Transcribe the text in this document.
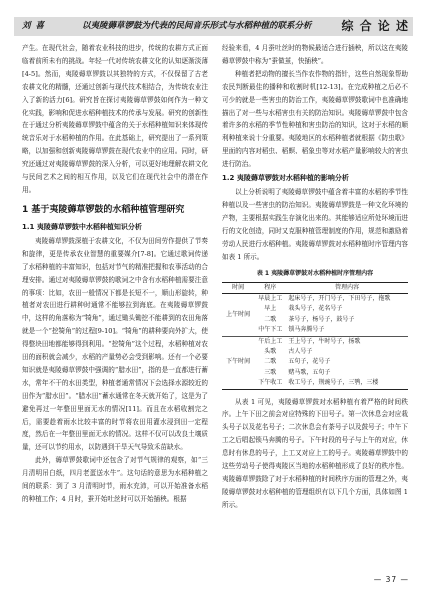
刘 喜	以夷陵薅草锣鼓为代表的民间音乐形式与水稻种植的联系分析 综 合 论 述

产生。在现代社会，随着农业科技的进步，传统的农耕方式正面临着前所未有的挑战。年轻一代对传统农耕文化的认知逐渐淡薄[4-5]。然而，夷陵薅草锣鼓以其独特的方式，不仅保留了古老农耕文化的精髓，还通过创新与现代技术相结合，为传统农业注入了新的活力[6]。研究旨在探讨夷陵薅草锣鼓如何作为一种文化实践，影响和促进水稻种植技术的传承与发展。研究的创新性在于通过分析夷陵薅草锣鼓中蕴含的关于水稻种植知识来体现传统音乐对于水稻种植的作用。在此基础上，研究提出了一系列策略，以加强和创新夷陵薅草锣鼓在现代农业中的应用。同时，研究还通过对夷陵薅草锣鼓的深入分析，可以更好地理解农耕文化与民间艺术之间的相互作用，以及它们在现代社会中的潜在作用。

1 基于夷陵薅草锣鼓的水稻种植管理研究
1.1 夷陵薅草锣鼓中水稻种植知识分析

夷陵薅草锣鼓深植于农耕文化，不仅为田间劳作提供了节奏和旋律，更是传承农业智慧的重要媒介[7-8]。它通过歌词传递了水稻种植的丰富知识，包括对节气的精准把握和农事活动的合理安排。通过对夷陵薅草锣鼓的歌词之中含有水稻种植需要注意的事项：比如，农田一般情况下都是长短不一，顺山形旋转，种植者对农田进行耕种时通常不能够拉到海底。在夷陵薅草锣鼓中，这样的角落称为“犄角”，通过锄头锄挖不能耕到的农田角落就是一个“挖犄角”的过程[9-10]。“犄角”的耕种要向外扩大，使得整块田地都能够得到利用。“挖犄角”这个过程，水稻种植对农田的面积就会减少，水稻的产量势必会受到影响。还有一个必要知识就是夷陵薅草锣鼓中强调的“腊水田”，指的是一直都进行蓄水，常年不干的水田类型，种植者通常情况下会选择水源较近的田作为“腊水田”。“腊水田”蓄水通常在冬天就开始了，这是为了避免再过一年整田里面无水的情况[11]。而且在水稻收割完之后，需要趁着雨水比较丰富的时节将农田用灌水浸到田一定程度，然后在一年整田里面无水的情况。这样不仅可以改良土壤质量，还可以节约用水，以防遇到干旱天气导致禾苗缺水。

此外，薅草锣鼓歌词中还包含了对节气规律的观察，如“三月清明吊白纸，四月老蛋送水牛”。这句话的意思为水稻种植之间的联系：到了 3 月清明时节，雨水充沛，可以开始准备水稻的种植工作；4 月时，蚕开始吐丝时可以开始插秧。根据

经验来看，4 月蚕吐丝时的物候最适合进行插秧，所以这在夷陵薅草锣鼓中称为“蚕做茧，快插秧”。

种植者把动物的擅长当作农作物的指针，这些自然现象帮助农民判断最佳的播种和收割时机[12-13]。在完成种植之后必不可少的就是一些害虫的防治工作，夷陵薅草锣鼓歌词中也准确地描出了对一些与水稻害虫有关的防治知识。夷陵薅草锣鼓中包含着许多的水稻的季节性种植和害虫防治的知识，这对于水稻的顺利种植来说十分重要。夷陵地区的水稻种植者就根据《防虫歌》里面的内容对稻虫、稻螟、稻象虫等对水稻产量影响较大的害虫进行防治。

1.2 夷陵薅草锣鼓对水稻种植的影响分析

以上分析说明了夷陵薅草锣鼓中蕴含着丰富的水稻的季节性种植以及一些害虫的防治知识。夷陵薅草锣鼓是一种文化环境的产物，主要根据实践生存演化出来的。其能够适应所处环境而进行的文化创造，同时又克服种植管理制度的作用，规范和激励着劳动人民进行水稻种植。夷陵薅草锣鼓对水稻种植时序管理内容如表 1 所示。

表 1 夷陵薅草锣鼓对水稻种植时序管理内容
时间	程序	管理内容
上午时间	早晨上工	起床号子，开门号子，下田号子，拖歌
	早上	栽头号子，花名号子
	二歌	茶号子，杨号子，鼓号子
	中午下工	锁马奔腾号子
下午时间	午后上工	王上号子，牛时号子，扬歌
	头歌	古人号子
	二歌	五句子，花号子
	三歌	赌马歌，五句子
	下午收工	收工号子，荆豌号子，三鹗，三楼

从表 1 可见，夷陵薅草锣鼓对水稻种植有着严格的时间秩序。上午下田之前会对应特殊的下田号子。第一次休息会对应栽头号子以及花名号子；二次休息会有茶号子以及鼓号子；中午下工之后唱起锁马奔腾的号子。下午时段的号子与上午的对应，休息时有休息的号子，上工又对应上工的号子。夷陵薅草锣鼓中的这些劳动号子使得夷陵区当地的水稻种植形成了良好的秩序性。夷陵薅草锣鼓除了对于水稻种植的时间秩序方面的管理之外，夷陵薅草锣鼓对水稻种植的管理组织有以下几个方面，具体如图 1 所示。

— 37 —
